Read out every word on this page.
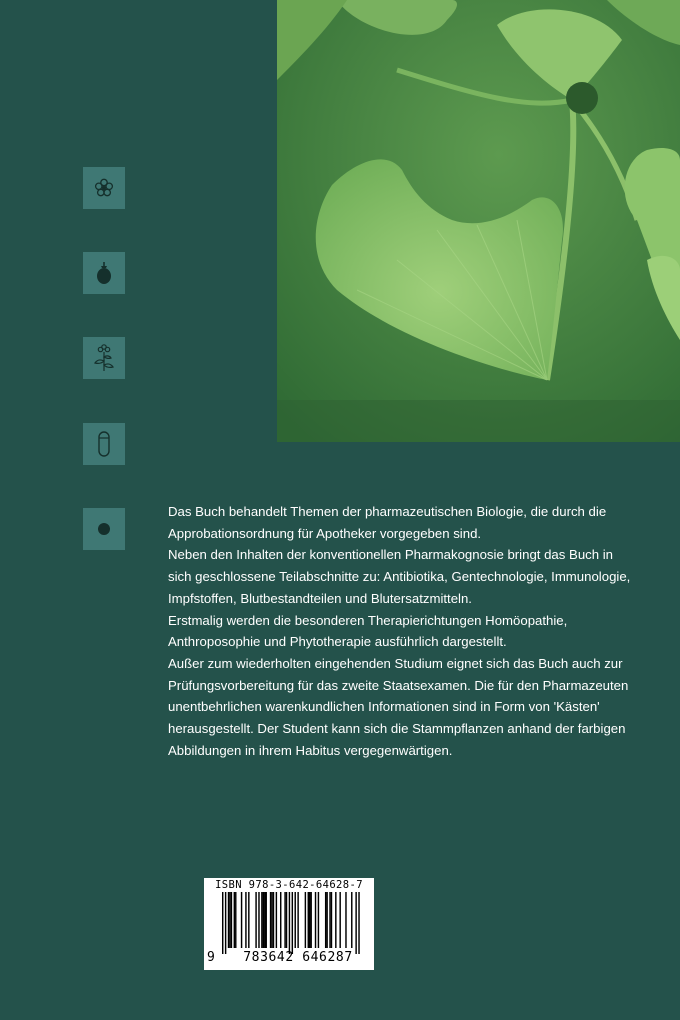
Das Buch behandelt Themen der pharmazeutischen Biologie, die durch die Approbationsordnung für Apotheker vorgegeben sind.

Neben den Inhalten der konventionellen Pharmakognosie bringt das Buch in sich geschlossene Teilabschnitte zu: Antibiotika, Gentechnologie, Immunologie, Impfstoffen, Blutbestandteilen und Blutersatzmitteln.

Erstmalig werden die besonderen Therapierichtungen Homöopathie, Anthroposophie und Phytotherapie ausführlich dargestellt.

Außer zum wiederholten eingehenden Studium eignet sich das Buch auch zur Prüfungsvorbereitung für das zweite Staatsexamen. Die für den Pharmazeuten unentbehrlichen warenkundlichen Informationen sind in Form von 'Kästen' herausgestellt. Der Student kann sich die Stammpflanzen anhand der farbigen Abbildungen in ihrem Habitus vergegenwärtigen.

ISBN 978-3-642-64628-7
9	783642 646287
